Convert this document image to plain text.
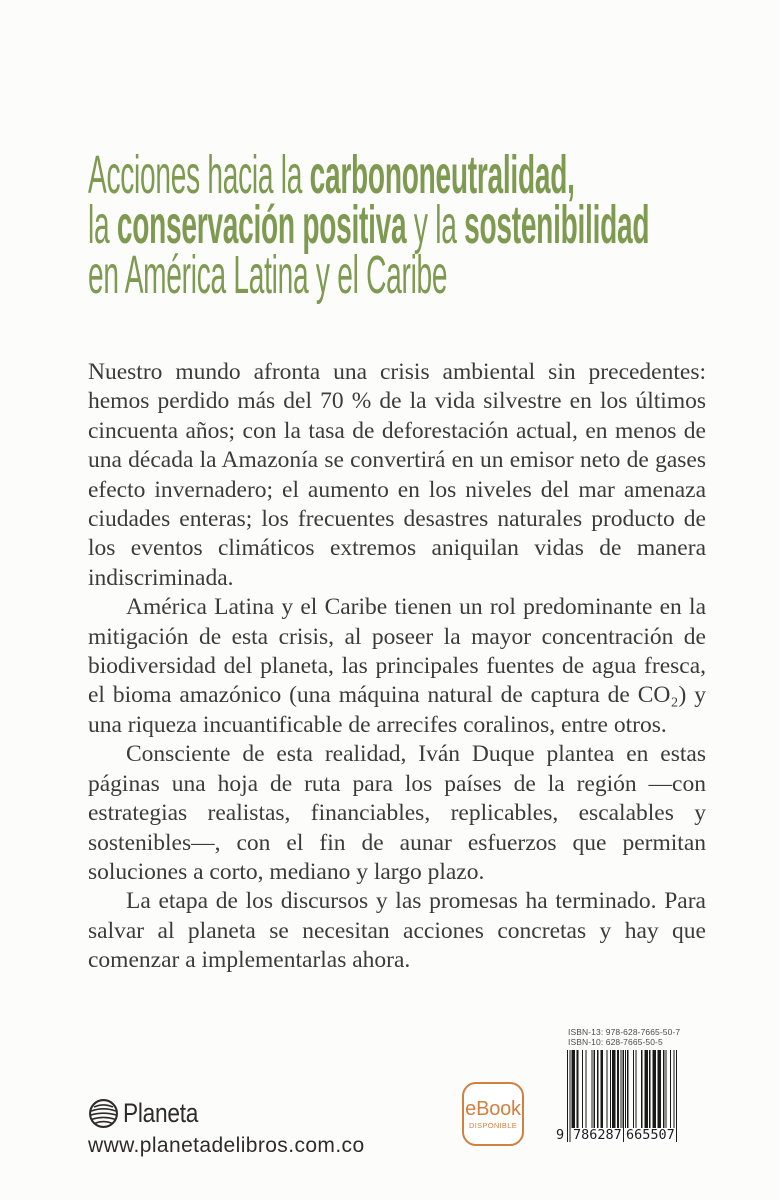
Acciones hacia la carbononeutralidad,
la conservación positiva y la sostenibilidad
en América Latina y el Caribe

Nuestro mundo afronta una crisis ambiental sin precedentes: hemos perdido más del 70 % de la vida silvestre en los últimos cincuenta años; con la tasa de deforestación actual, en menos de una década la Amazonía se convertirá en un emisor neto de gases efecto invernadero; el aumento en los niveles del mar amenaza ciudades enteras; los frecuentes desastres naturales producto de los eventos climáticos extremos aniquilan vidas de manera indiscriminada.

América Latina y el Caribe tienen un rol predominante en la mitigación de esta crisis, al poseer la mayor concentración de biodiversidad del planeta, las principales fuentes de agua fresca, el bioma amazónico (una máquina natural de captura de CO₂) y una riqueza incuantificable de arrecifes coralinos, entre otros.

Consciente de esta realidad, Iván Duque plantea en estas páginas una hoja de ruta para los países de la región —con estrategias realistas, financiables, replicables, escalables y sostenibles—, con el fin de aunar esfuerzos que permitan soluciones a corto, mediano y largo plazo.

La etapa de los discursos y las promesas ha terminado. Para salvar al planeta se necesitan acciones concretas y hay que comenzar a implementarlas ahora.

Planeta
www.planetadelibros.com.co
eBook
DISPONIBLE
ISBN-13: 978-628-7665-50-7
ISBN-10: 628-7665-50-5
9 786287 665507
